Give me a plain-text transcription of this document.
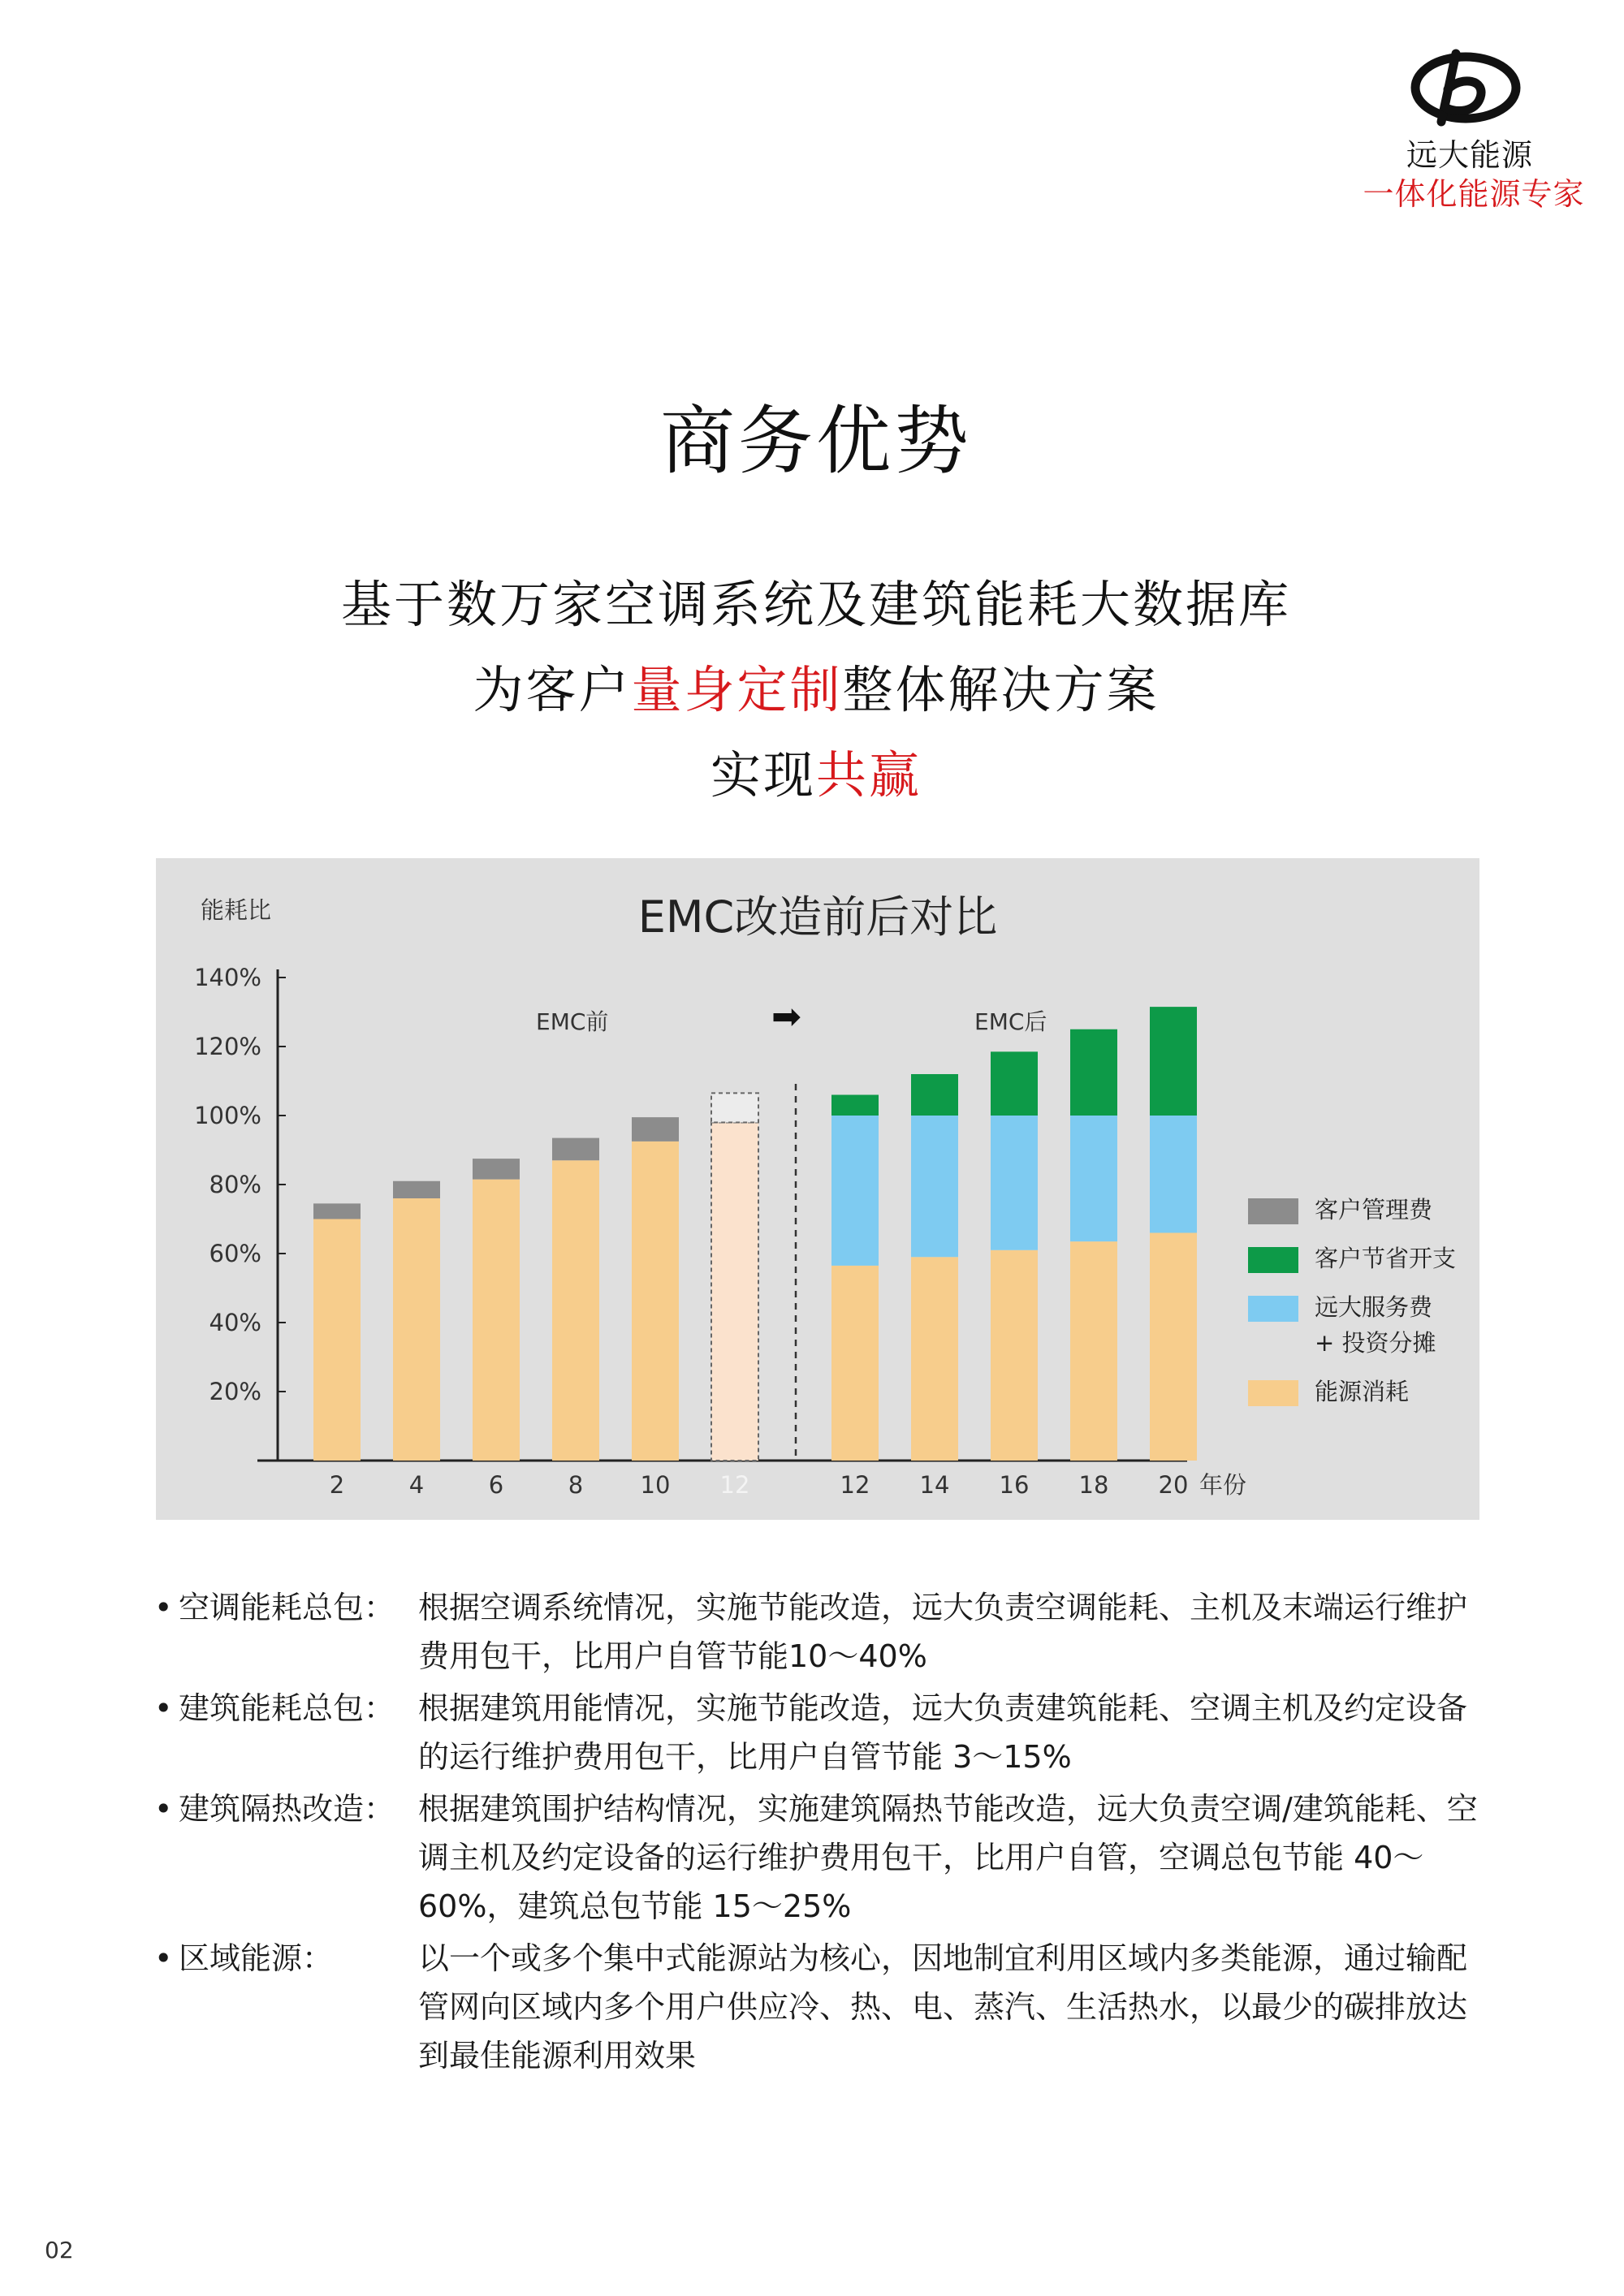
远大能源
一体化能源专家
商务优势
基于数万家空调系统及建筑能耗大数据库
为客户量身定制整体解决方案
实现共赢
20%
40%
60%
80%
100%
120%
140%
2	4	6	8 10 12	12 14 16 18 20 年份
EMC改造前后对比
能耗比
EMC前	➡	EMC后
客户管理费
客户节省开支
远大服务费
+ 投资分摊
能源消耗
• 空调能耗总包： 根据空调系统情况，实施节能改造，远大负责空调能耗、主机及末端运行维护费用包干，比用户自管节能10～40%
• 建筑能耗总包： 根据建筑用能情况，实施节能改造，远大负责建筑能耗、空调主机及约定设备的运行维护费用包干，比用户自管节能 3～15%
• 建筑隔热改造： 根据建筑围护结构情况，实施建筑隔热节能改造，远大负责空调/建筑能耗、空调主机及约定设备的运行维护费用包干，比用户自管，空调总包节能 40～60%，建筑总包节能 15～25%
• 区域能源：	以一个或多个集中式能源站为核心，因地制宜利用区域内多类能源，通过输配管网向区域内多个用户供应冷、热、电、蒸汽、生活热水，以最少的碳排放达到最佳能源利用效果
02
